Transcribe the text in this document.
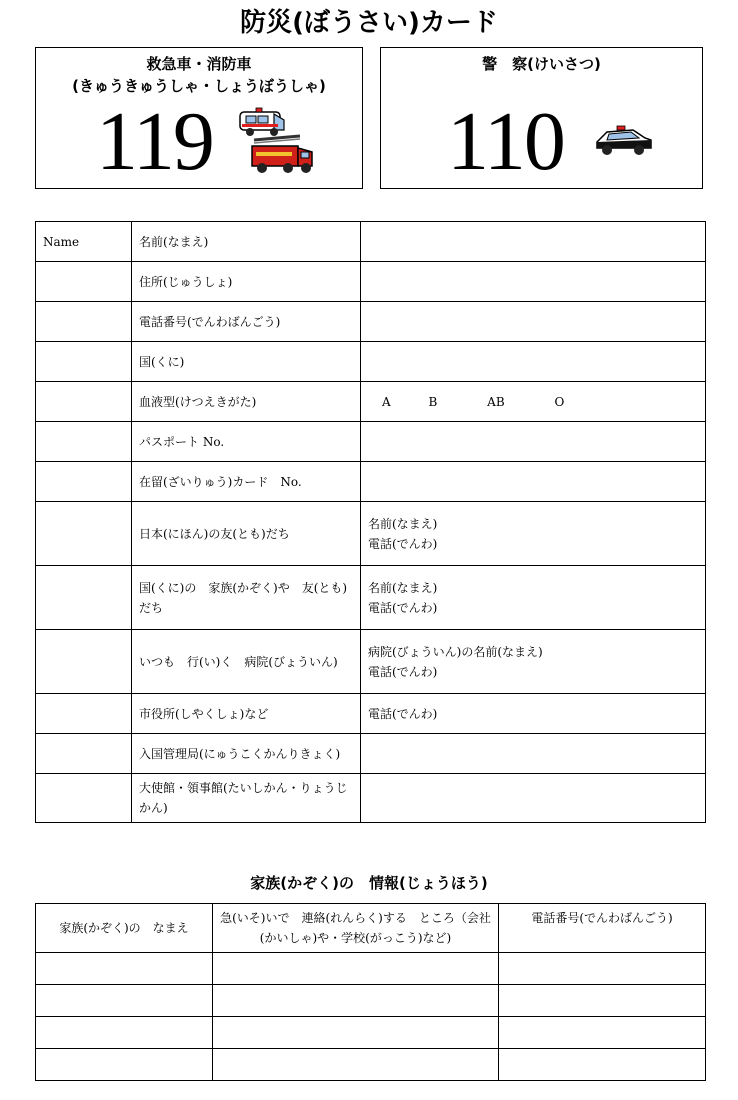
防災(ぼうさい)カード
救急車・消防車
(きゅうきゅうしゃ・しょうぼうしゃ)
119
警　察(けいさつ)
110
Name	名前(なまえ)	
	住所(じゅうしょ)	
	電話番号(でんわばんごう)	
	国(くに)	
	血液型(けつえきがた)	A B AB O
	パスポート No.	
	在留(ざいりゅう)カード　No.	
	日本(にほん)の友(とも)だち	名前(なまえ)
電話(でんわ)

	国(くに)の　家族(かぞく)や　友(とも)だち	名前(なまえ)
電話(でんわ)

	いつも　行(い)く　病院(びょういん)	病院(びょういん)の名前(なまえ)
電話(でんわ)

	市役所(しやくしょ)など	電話(でんわ)

	入国管理局(にゅうこくかんりきょく)	
	大使館・領事館(たいしかん・りょうじかん)	
家族(かぞく)の　情報(じょうほう)
家族(かぞく)の　なまえ	急(いそ)いで　連絡(れんらく)する　ところ（会社(かいしゃ)や・学校(がっこう)など)	電話番号(でんわばんごう)
